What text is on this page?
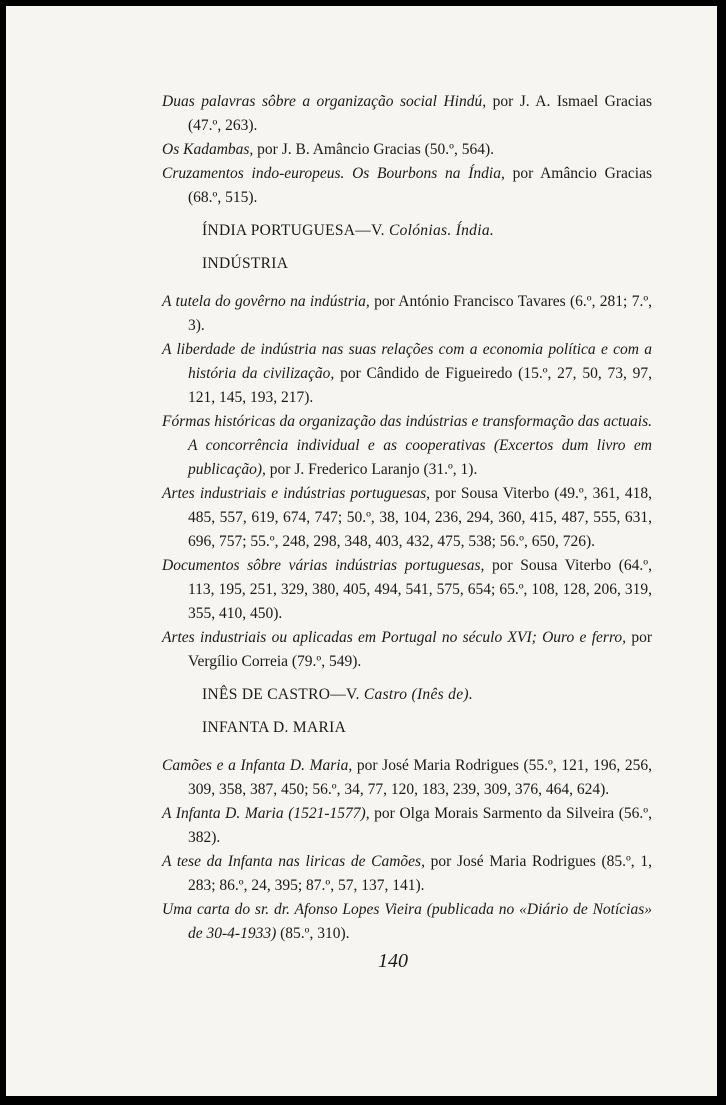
Duas palavras sôbre a organização social Hindú, por J. A. Ismael Gracias (47.º, 263).

Os Kadambas, por J. B. Amâncio Gracias (50.º, 564).

Cruzamentos indo-europeus. Os Bourbons na Índia, por Amâncio Gracias (68.º, 515).

ÍNDIA PORTUGUESA—V. Colónias. Índia.

INDÚSTRIA

A tutela do govêrno na indústria, por António Francisco Tavares (6.º, 281; 7.º, 3).

A liberdade de indústria nas suas relações com a economia política e com a história da civilização, por Cândido de Figueiredo (15.º, 27, 50, 73, 97, 121, 145, 193, 217).

Fórmas históricas da organização das indústrias e transformação das actuais. A concorrência individual e as cooperativas (Excertos dum livro em publicação), por J. Frederico Laranjo (31.º, 1).

Artes industriais e indústrias portuguesas, por Sousa Viterbo (49.º, 361, 418, 485, 557, 619, 674, 747; 50.º, 38, 104, 236, 294, 360, 415, 487, 555, 631, 696, 757; 55.º, 248, 298, 348, 403, 432, 475, 538; 56.º, 650, 726).

Documentos sôbre várias indústrias portuguesas, por Sousa Viterbo (64.º, 113, 195, 251, 329, 380, 405, 494, 541, 575, 654; 65.º, 108, 128, 206, 319, 355, 410, 450).

Artes industriais ou aplicadas em Portugal no século XVI; Ouro e ferro, por Vergílio Correia (79.º, 549).

INÊS DE CASTRO—V. Castro (Inês de).

INFANTA D. MARIA

Camões e a Infanta D. Maria, por José Maria Rodrigues (55.º, 121, 196, 256, 309, 358, 387, 450; 56.º, 34, 77, 120, 183, 239, 309, 376, 464, 624).

A Infanta D. Maria (1521-1577), por Olga Morais Sarmento da Silveira (56.º, 382).

A tese da Infanta nas liricas de Camões, por José Maria Rodrigues (85.º, 1, 283; 86.º, 24, 395; 87.º, 57, 137, 141).

Uma carta do sr. dr. Afonso Lopes Vieira (publicada no «Diário de Notícias» de 30-4-1933) (85.º, 310).

140
